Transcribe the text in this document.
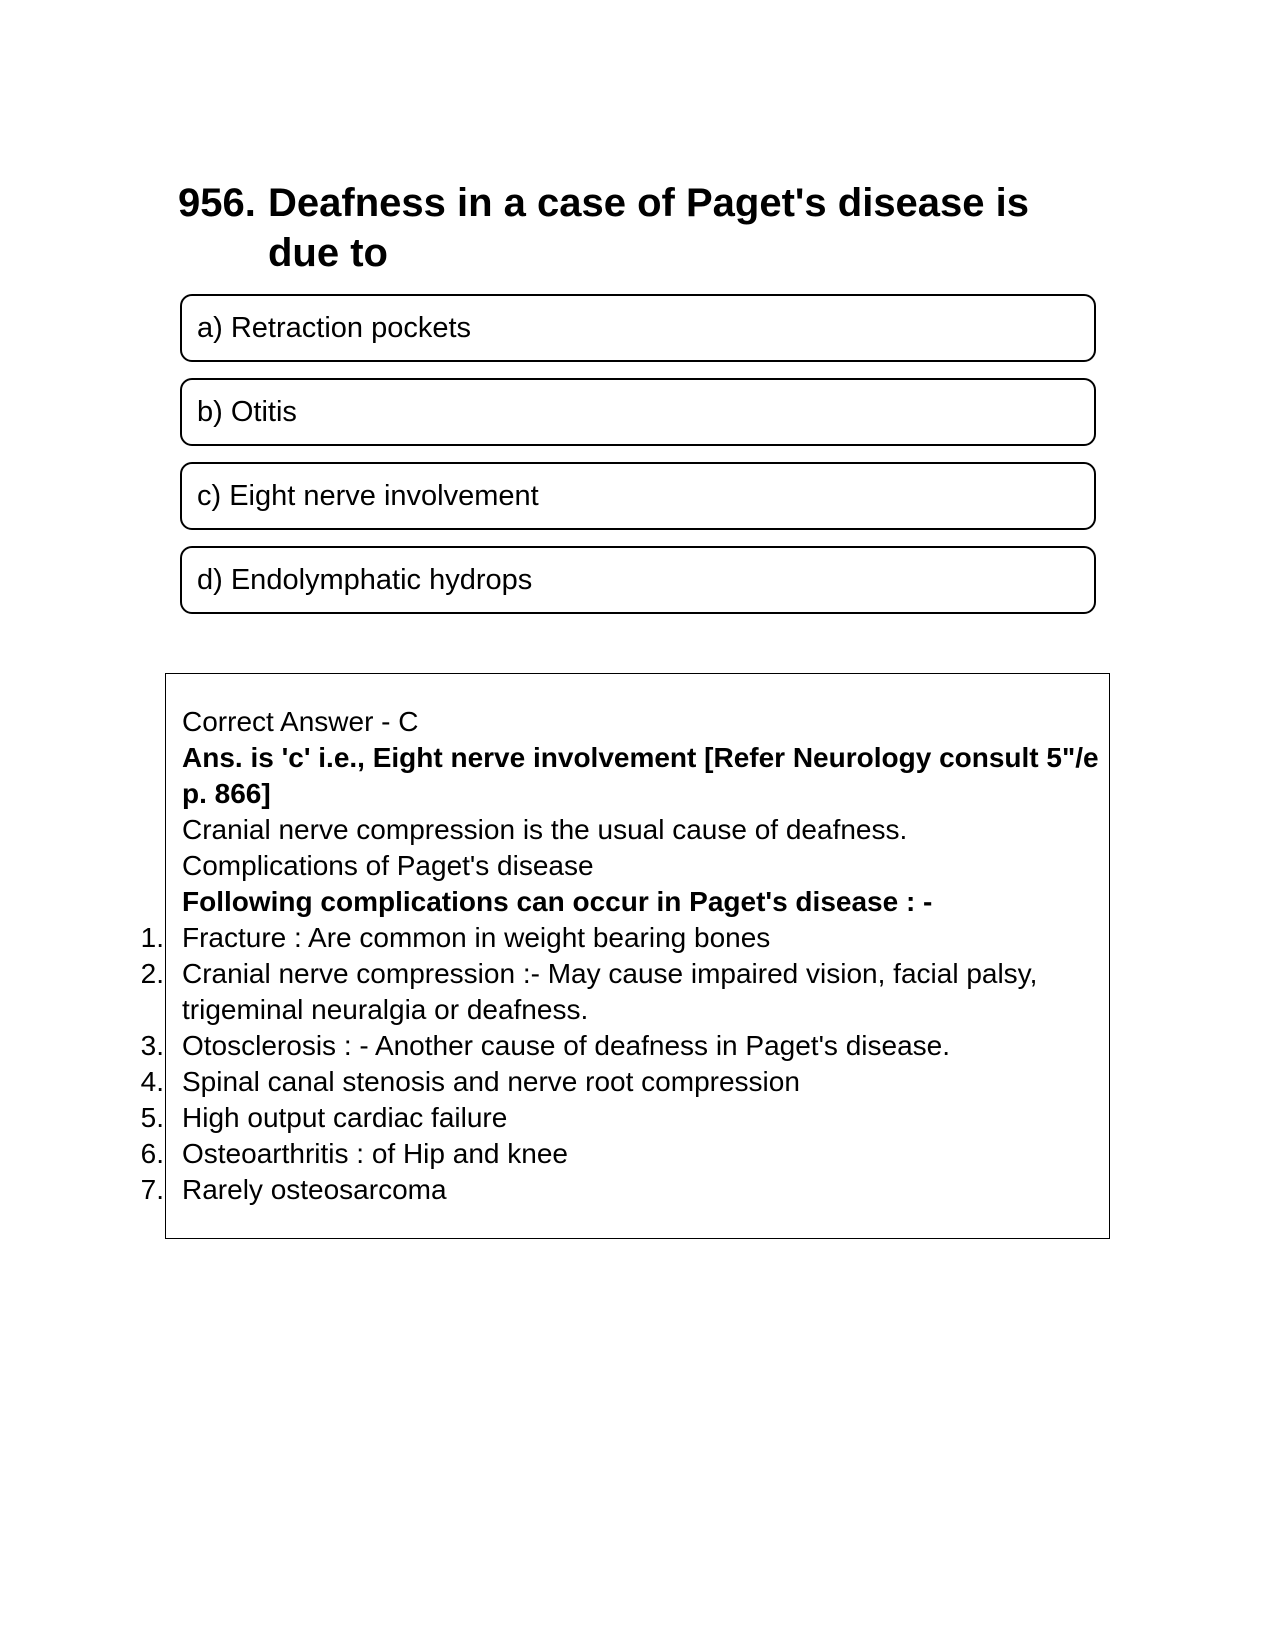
956. Deafness in a case of Paget's disease is due to
a) Retraction pockets
b) Otitis
c) Eight nerve involvement
d) Endolymphatic hydrops
Correct Answer - C
Ans. is 'c' i.e., Eight nerve involvement [Refer Neurology consult 5"/e p. 866]
Cranial nerve compression is the usual cause of deafness.
Complications of Paget's disease
Following complications can occur in Paget's disease : -
1. Fracture : Are common in weight bearing bones
2. Cranial nerve compression :- May cause impaired vision, facial palsy, trigeminal neuralgia or deafness.
3. Otosclerosis : - Another cause of deafness in Paget's disease.
4. Spinal canal stenosis and nerve root compression
5. High output cardiac failure
6. Osteoarthritis : of Hip and knee
7. Rarely osteosarcoma
